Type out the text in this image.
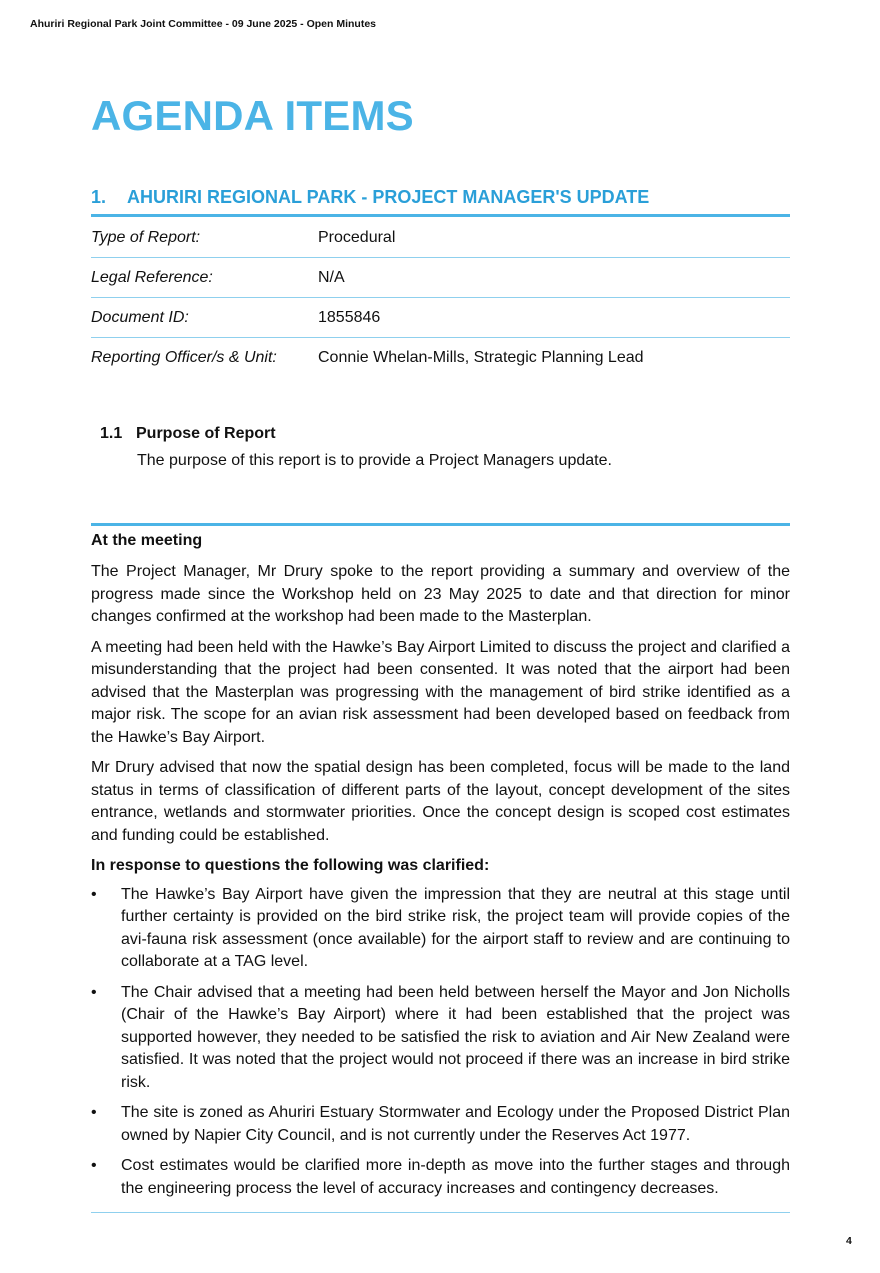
Ahuriri Regional Park Joint Committee - 09 June 2025 - Open Minutes
AGENDA ITEMS
1. AHURIRI REGIONAL PARK - PROJECT MANAGER'S UPDATE
Type of Report:	Procedural
Legal Reference:	N/A
Document ID:	1855846
Reporting Officer/s & Unit:	Connie Whelan-Mills, Strategic Planning Lead
1.1 Purpose of Report
The purpose of this report is to provide a Project Managers update.
At the meeting

The Project Manager, Mr Drury spoke to the report providing a summary and overview of the progress made since the Workshop held on 23 May 2025 to date and that direction for minor changes confirmed at the workshop had been made to the Masterplan.

A meeting had been held with the Hawke’s Bay Airport Limited to discuss the project and clarified a misunderstanding that the project had been consented. It was noted that the airport had been advised that the Masterplan was progressing with the management of bird strike identified as a major risk. The scope for an avian risk assessment had been developed based on feedback from the Hawke’s Bay Airport.

Mr Drury advised that now the spatial design has been completed, focus will be made to the land status in terms of classification of different parts of the layout, concept development of the sites entrance, wetlands and stormwater priorities. Once the concept design is scoped cost estimates and funding could be established.

In response to questions the following was clarified:

• The Hawke’s Bay Airport have given the impression that they are neutral at this stage until further certainty is provided on the bird strike risk, the project team will provide copies of the avi-fauna risk assessment (once available) for the airport staff to review and are continuing to collaborate at a TAG level.
• The Chair advised that a meeting had been held between herself the Mayor and Jon Nicholls (Chair of the Hawke’s Bay Airport) where it had been established that the project was supported however, they needed to be satisfied the risk to aviation and Air New Zealand were satisfied. It was noted that the project would not proceed if there was an increase in bird strike risk.
• The site is zoned as Ahuriri Estuary Stormwater and Ecology under the Proposed District Plan owned by Napier City Council, and is not currently under the Reserves Act 1977.
• Cost estimates would be clarified more in-depth as move into the further stages and through the engineering process the level of accuracy increases and contingency decreases.
4
